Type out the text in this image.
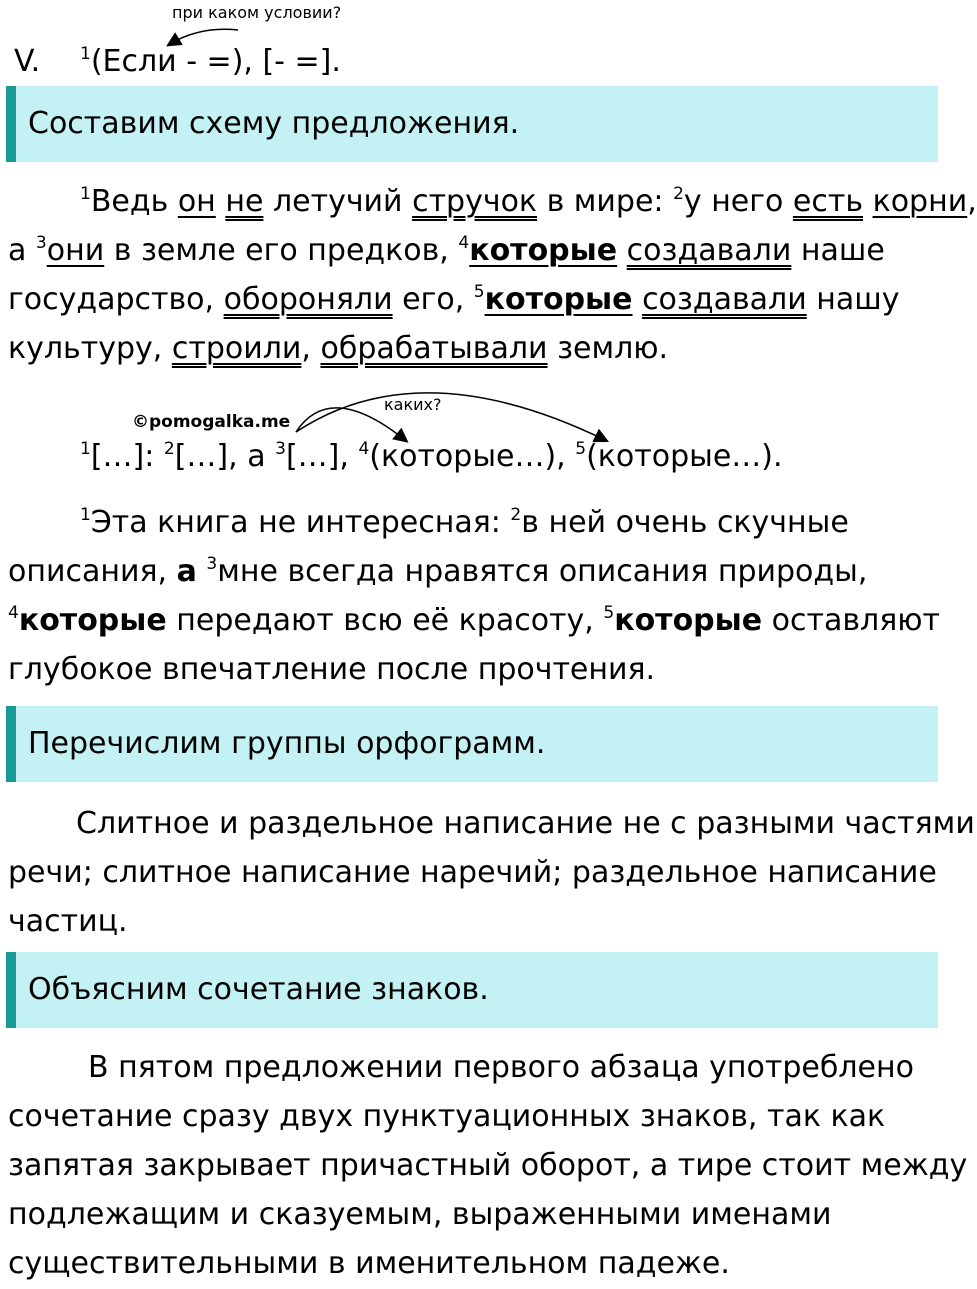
при каком условии?
V. $^1$(Если - =), [- =].
Составим схему предложения.
$^1$Ведь он не летучий стручок в мире: $^2$у него есть корни,
а $^3$они в земле его предков, $^4$которые создавали наше
государство, обороняли его, $^5$которые создавали нашу
культуру, строили, обрабатывали землю.
©pomogalka.me
каких?
$^1$[…]: $^2$[…], а $^3$[…], $^4$(которые…), $^5$(которые…).
$^1$Эта книга не интересная: $^2$в ней очень скучные
описания, а $^3$мне всегда нравятся описания природы,
$^4$которые передают всю её красоту, $^5$которые оставляют
глубокое впечатление после прочтения.
Перечислим группы орфограмм.
Слитное и раздельное написание не с разными частями
речи; слитное написание наречий; раздельное написание
частиц.
Объясним сочетание знаков.
В пятом предложении первого абзаца употреблено
сочетание сразу двух пунктуационных знаков, так как
запятая закрывает причастный оборот, а тире стоит между
подлежащим и сказуемым, выраженными именами
существительными в именительном падеже.
